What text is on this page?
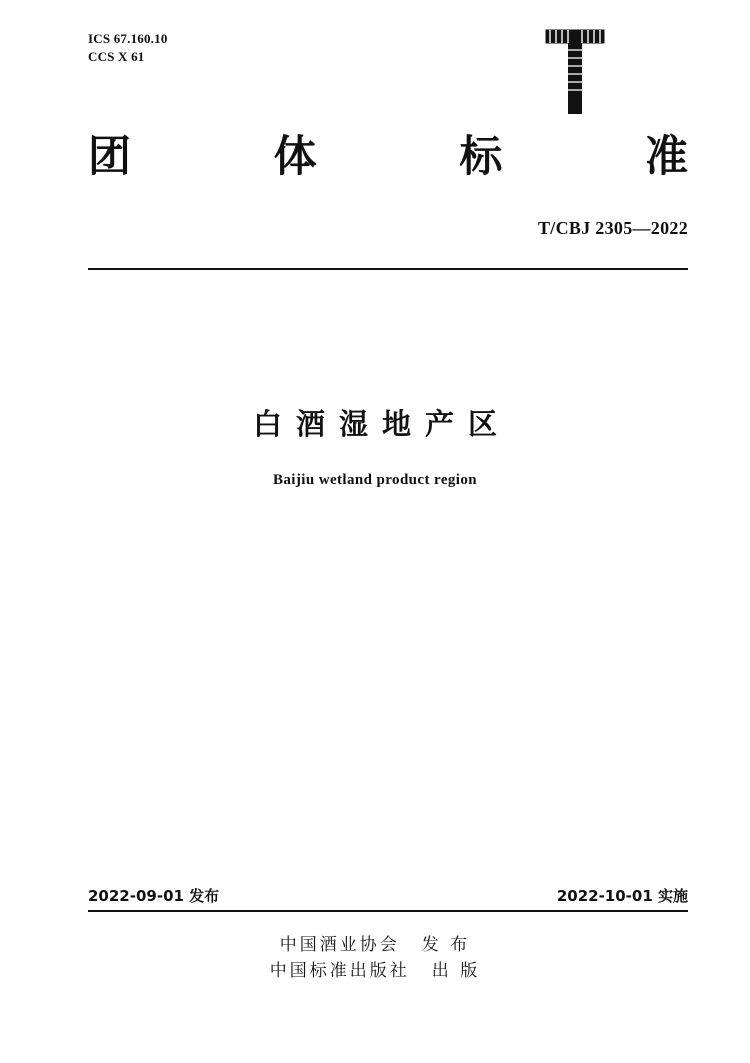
ICS 67.160.10
CCS X 61
团	体	标	准
T/CBJ 2305—2022
白酒湿地产区
Baijiu wetland product region
2022-09-01 发布	2022-10-01 实施
中国酒业协会 发 布
中国标准出版社 出 版
